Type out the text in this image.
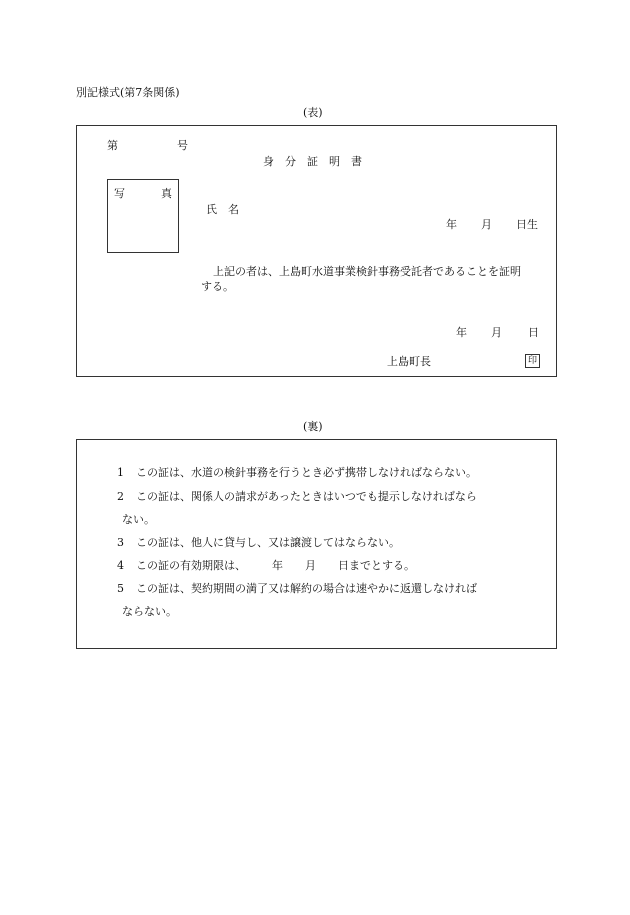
別記様式(第7条関係)
(表)
第	号
身　分　証　明　書
写	真
氏　名
年 月 日生
上記の者は、上島町水道事業検針事務受託者であることを証明
する。
年 月 日
上島町長	印
(裏)
1 この証は、水道の検針事務を行うとき必ず携帯しなければならない。
2 この証は、関係人の請求があったときはいつでも提示しなければなら
ない。
3 この証は、他人に貸与し、又は譲渡してはならない。
4 この証の有効期限は、 年 月 日までとする。
5 この証は、契約期間の満了又は解約の場合は速やかに返還しなければ
ならない。
